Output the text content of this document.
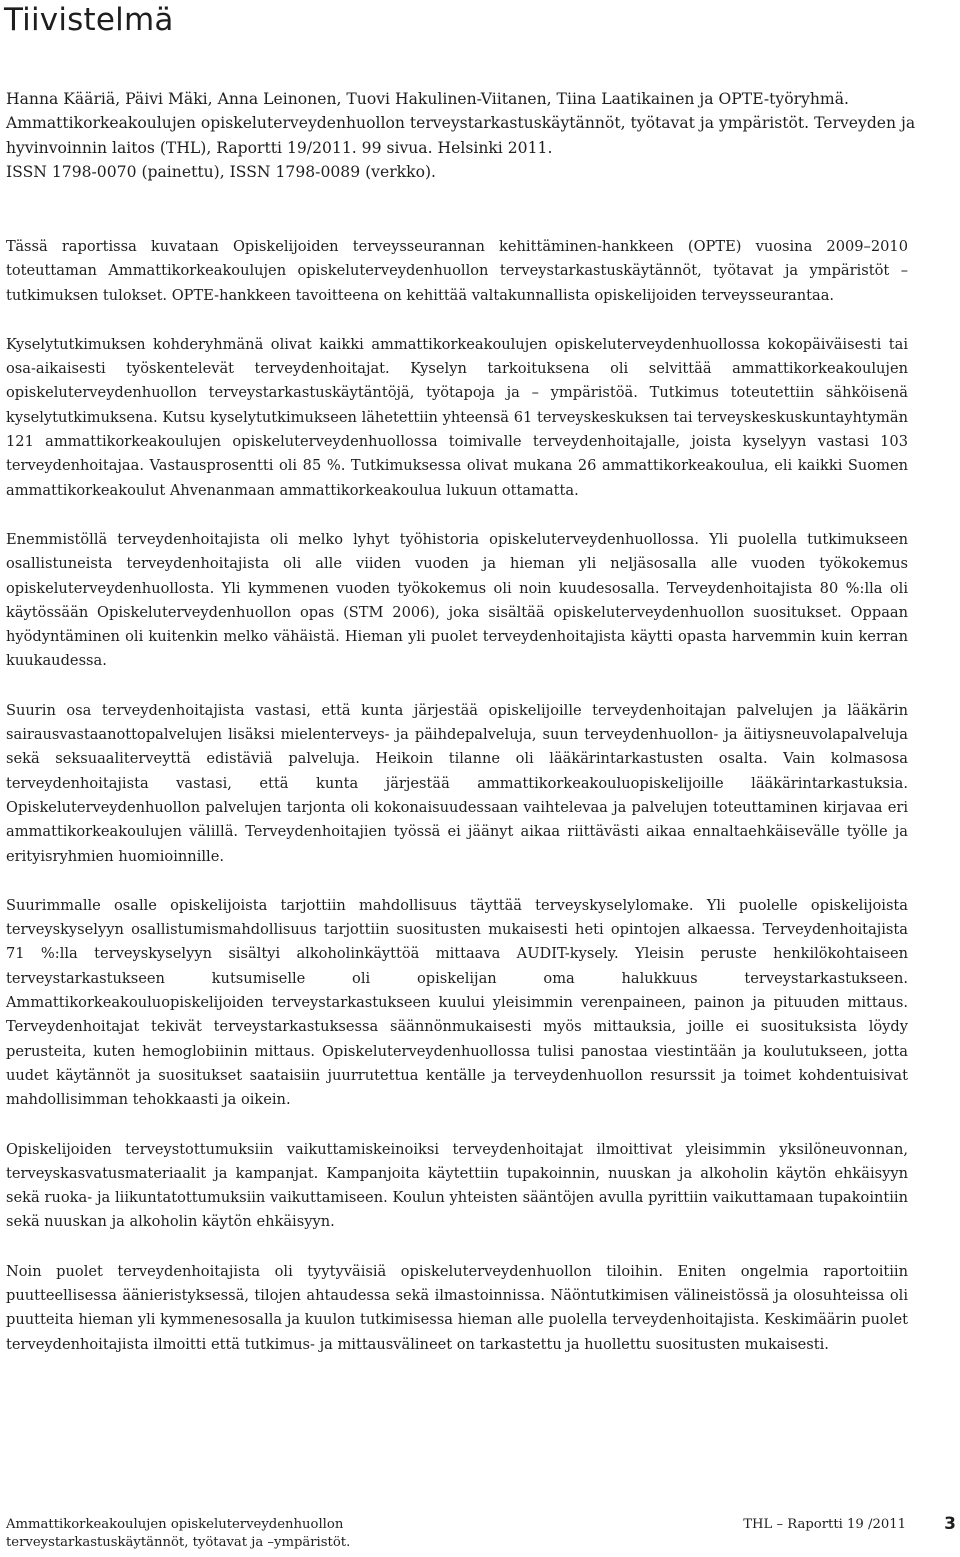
Tiivistelmä

Hanna Kääriä, Päivi Mäki, Anna Leinonen, Tuovi Hakulinen-Viitanen, Tiina Laatikainen ja OPTE-työryhmä. Ammattikorkeakoulujen opiskeluterveydenhuollon terveystarkastuskäytännöt, työtavat ja ympäristöt. Terveyden ja hyvinvoinnin laitos (THL), Raportti 19/2011. 99 sivua. Helsinki 2011.

ISSN 1798-0070 (painettu), ISSN 1798-0089 (verkko).

Tässä raportissa kuvataan Opiskelijoiden terveysseurannan kehittäminen-hankkeen (OPTE) vuosina 2009–2010 toteuttaman Ammattikorkeakoulujen opiskeluterveydenhuollon terveystarkastuskäytännöt, työtavat ja ympäristöt – tutkimuksen tulokset. OPTE-hankkeen tavoitteena on kehittää valtakunnallista opiskelijoiden terveysseurantaa.

Kyselytutkimuksen kohderyhmänä olivat kaikki ammattikorkeakoulujen opiskeluterveydenhuollossa kokopäiväisesti tai osa-aikaisesti työskentelevät terveydenhoitajat. Kyselyn tarkoituksena oli selvittää ammattikorkeakoulujen opiskeluterveydenhuollon terveystarkastuskäytäntöjä, työtapoja ja – ympäristöä. Tutkimus toteutettiin sähköisenä kyselytutkimuksena. Kutsu kyselytutkimukseen lähetettiin yhteensä 61 terveyskeskuksen tai terveyskeskuskuntayhtymän 121 ammattikorkeakoulujen opiskeluterveydenhuollossa toimivalle terveydenhoitajalle, joista kyselyyn vastasi 103 terveydenhoitajaa. Vastausprosentti oli 85 %. Tutkimuksessa olivat mukana 26 ammattikorkeakoulua, eli kaikki Suomen ammattikorkeakoulut Ahvenanmaan ammattikorkeakoulua lukuun ottamatta.

Enemmistöllä terveydenhoitajista oli melko lyhyt työhistoria opiskeluterveydenhuollossa. Yli puolella tutkimukseen osallistuneista terveydenhoitajista oli alle viiden vuoden ja hieman yli neljäsosalla alle vuoden työkokemus opiskeluterveydenhuollosta. Yli kymmenen vuoden työkokemus oli noin kuudesosalla. Terveydenhoitajista 80 %:lla oli käytössään Opiskeluterveydenhuollon opas (STM 2006), joka sisältää opiskeluterveydenhuollon suositukset. Oppaan hyödyntäminen oli kuitenkin melko vähäistä. Hieman yli puolet terveydenhoitajista käytti opasta harvemmin kuin kerran kuukaudessa.

Suurin osa terveydenhoitajista vastasi, että kunta järjestää opiskelijoille terveydenhoitajan palvelujen ja lääkärin sairausvastaanottopalvelujen lisäksi mielenterveys- ja päihdepalveluja, suun terveydenhuollon- ja äitiysneuvolapalveluja sekä seksuaaliterveyttä edistäviä palveluja. Heikoin tilanne oli lääkärintarkastusten osalta. Vain kolmasosa terveydenhoitajista vastasi, että kunta järjestää ammattikorkeakouluopiskelijoille lääkärintarkastuksia. Opiskeluterveydenhuollon palvelujen tarjonta oli kokonaisuudessaan vaihtelevaa ja palvelujen toteuttaminen kirjavaa eri ammattikorkeakoulujen välillä. Terveydenhoitajien työssä ei jäänyt aikaa riittävästi aikaa ennaltaehkäisevälle työlle ja erityisryhmien huomioinnille.

Suurimmalle osalle opiskelijoista tarjottiin mahdollisuus täyttää terveyskyselylomake. Yli puolelle opiskelijoista terveyskyselyyn osallistumismahdollisuus tarjottiin suositusten mukaisesti heti opintojen alkaessa. Terveydenhoitajista 71 %:lla terveyskyselyyn sisältyi alkoholinkäyttöä mittaava AUDIT-kysely. Yleisin peruste henkilökohtaiseen terveystarkastukseen kutsumiselle oli opiskelijan oma halukkuus terveystarkastukseen. Ammattikorkeakouluopiskelijoiden terveystarkastukseen kuului yleisimmin verenpaineen, painon ja pituuden mittaus. Terveydenhoitajat tekivät terveystarkastuksessa säännönmukaisesti myös mittauksia, joille ei suosituksista löydy perusteita, kuten hemoglobiinin mittaus. Opiskeluterveydenhuollossa tulisi panostaa viestintään ja koulutukseen, jotta uudet käytännöt ja suositukset saataisiin juurrutettua kentälle ja terveydenhuollon resurssit ja toimet kohdentuisivat mahdollisimman tehokkaasti ja oikein.

Opiskelijoiden terveystottumuksiin vaikuttamiskeinoiksi terveydenhoitajat ilmoittivat yleisimmin yksilöneuvonnan, terveyskasvatusmateriaalit ja kampanjat. Kampanjoita käytettiin tupakoinnin, nuuskan ja alkoholin käytön ehkäisyyn sekä ruoka- ja liikuntatottumuksiin vaikuttamiseen. Koulun yhteisten sääntöjen avulla pyrittiin vaikuttamaan tupakointiin sekä nuuskan ja alkoholin käytön ehkäisyyn.

Noin puolet terveydenhoitajista oli tyytyväisiä opiskeluterveydenhuollon tiloihin. Eniten ongelmia raportoitiin puutteellisessa äänieristyksessä, tilojen ahtaudessa sekä ilmastoinnissa. Näöntutkimisen välineistössä ja olosuhteissa oli puutteita hieman yli kymmenesosalla ja kuulon tutkimisessa hieman alle puolella terveydenhoitajista. Keskimäärin puolet terveydenhoitajista ilmoitti että tutkimus- ja mittausvälineet on tarkastettu ja huollettu suositusten mukaisesti.

Ammattikorkeakoulujen opiskeluterveydenhuollon
terveystarkastuskäytännöt, työtavat ja –ympäristöt.
THL – Raportti 19 /2011 3
